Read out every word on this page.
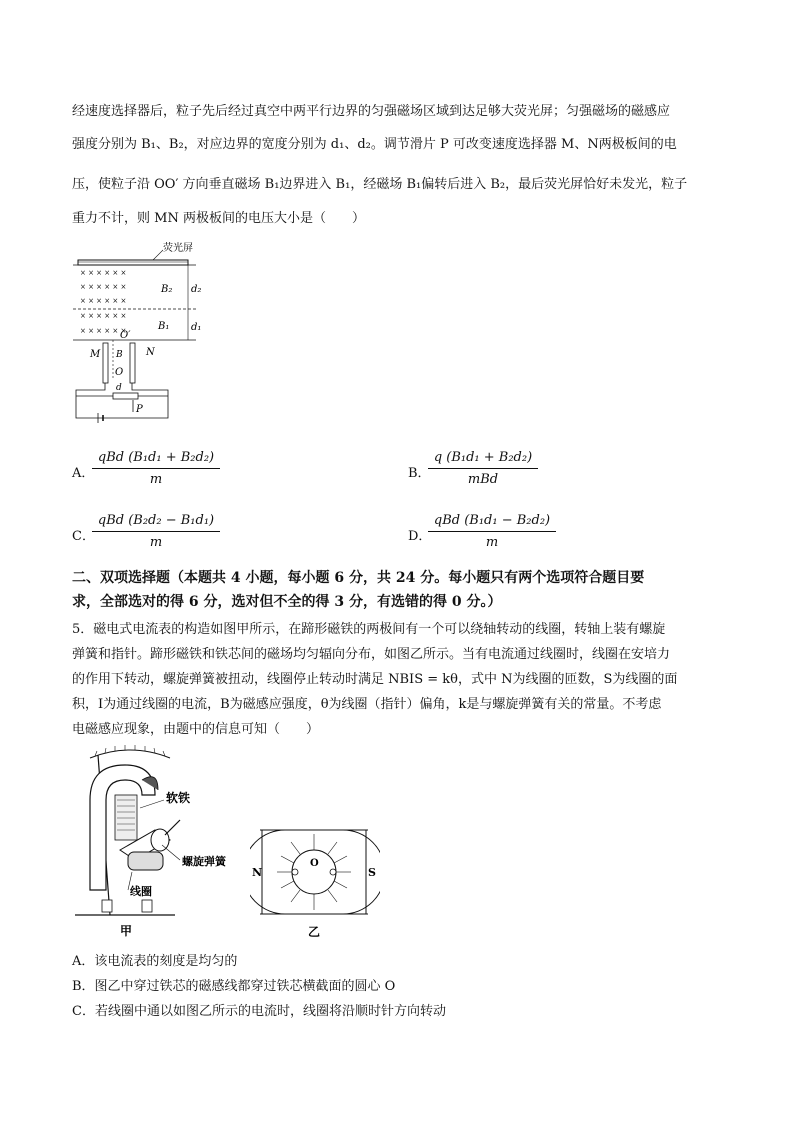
经速度选择器后，粒子先后经过真空中两平行边界的匀强磁场区域到达足够大荧光屏；匀强磁场的磁感应
强度分别为 B₁、B₂，对应边界的宽度分别为 d₁、d₂。调节滑片 P 可改变速度选择器 M、N两极板间的电
压，使粒子沿 OO′ 方向垂直磁场 B₁边界进入 B₁，经磁场 B₁偏转后进入 B₂，最后荧光屏恰好未发光，粒子
重力不计，则 MN 两极板间的电压大小是（　　）
荧光屏
× × × × × ×
× × × × × ×
× × × × × ×
× × × × × ×
× × × × × ×
B₂
B₁
d₂
d₁
O′
O
M	N
B
d
P
A．
qBd (B₁d₁ + B₂d₂)
m	B．
q (B₁d₁ + B₂d₂)
mBd
C．
qBd (B₂d₂ − B₁d₁)
m	D．
qBd (B₁d₁ − B₂d₂)
m
二、双项选择题（本题共 4 小题，每小题 6 分，共 24 分。每小题只有两个选项符合题目要
求，全部选对的得 6 分，选对但不全的得 3 分，有选错的得 0 分。）
5．磁电式电流表的构造如图甲所示，在蹄形磁铁的两极间有一个可以绕轴转动的线圈，转轴上装有螺旋
弹簧和指针。蹄形磁铁和铁芯间的磁场均匀辐向分布，如图乙所示。当有电流通过线圈时，线圈在安培力
的作用下转动，螺旋弹簧被扭动，线圈停止转动时满足 NBIS = kθ，式中 N为线圈的匝数，S为线圈的面
积，I为通过线圈的电流，B为磁感应强度，θ为线圈（指针）偏角，k是与螺旋弹簧有关的常量。不考虑
电磁感应现象，由题中的信息可知（　　）
软铁
螺旋弹簧
线圈
甲
N	S
O
乙
A．该电流表的刻度是均匀的
B．图乙中穿过铁芯的磁感线都穿过铁芯横截面的圆心 O
C．若线圈中通以如图乙所示的电流时，线圈将沿顺时针方向转动
